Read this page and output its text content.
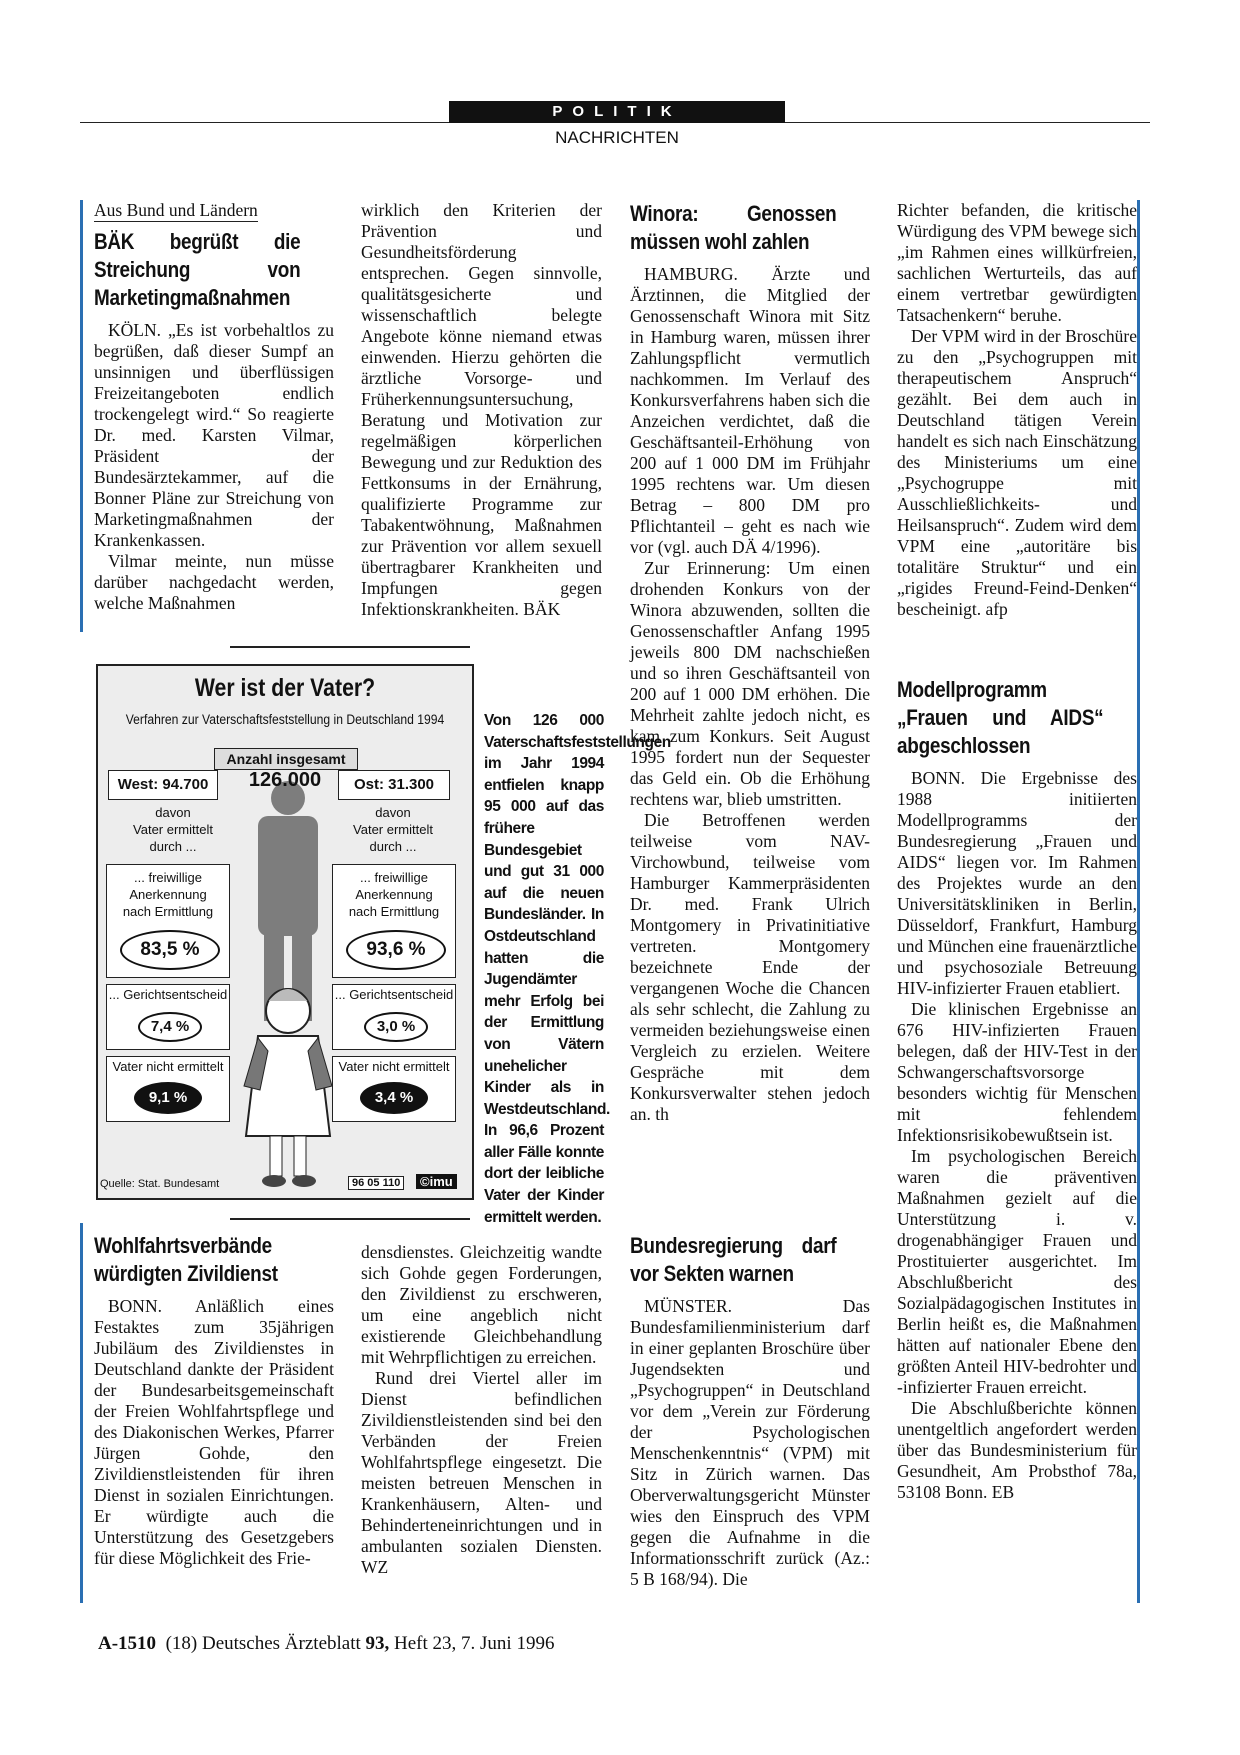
POLITIK
NACHRICHTEN
Aus Bund und Ländern
BÄK begrüßt die Streichung von Marketingmaßnahmen

KÖLN. „Es ist vorbehaltlos zu begrüßen, daß dieser Sumpf an unsinnigen und überflüssigen Freizeitangeboten endlich trockengelegt wird.“ So reagierte Dr. med. Karsten Vilmar, Präsident der Bundesärztekammer, auf die Bonner Pläne zur Streichung von Marketingmaßnahmen der Krankenkassen.

Vilmar meinte, nun müsse darüber nachgedacht werden, welche Maßnahmen

wirklich den Kriterien der Prävention und Gesundheitsförderung entsprechen. Gegen sinnvolle, qualitätsgesicherte und wissenschaftlich belegte Angebote könne niemand etwas einwenden. Hierzu gehörten die ärztliche Vorsorge- und Früherkennungsuntersuchung, Beratung und Motivation zur regelmäßigen körperlichen Bewegung und zur Reduktion des Fettkonsums in der Ernährung, qualifizierte Programme zur Tabakentwöhnung, Maßnahmen zur Prävention vor allem sexuell übertragbarer Krankheiten und Impfungen gegen Infektionskrankheiten. BÄK

Wer ist der Vater?
Verfahren zur Vaterschaftsfeststellung in Deutschland 1994
Anzahl insgesamt
126.000
West: 94.700	Ost: 31.300
davon
Vater ermittelt
durch ...
... freiwillige
Anerkennung
nach Ermittlung
83,5 %
... Gerichtsentscheid
7,4 %
Vater nicht ermittelt
9,1 %
davon
Vater ermittelt
durch ...
... freiwillige
Anerkennung
nach Ermittlung
93,6 %
... Gerichtsentscheid
3,0 %
Vater nicht ermittelt
3,4 %
Quelle: Stat. Bundesamt	96 05 110	©imu
Von 126 000 Vaterschaftsfeststellungen im Jahr 1994 entfielen knapp 95 000 auf das frühere Bundesgebiet und gut 31 000 auf die neuen Bundesländer. In Ostdeutschland hatten die Jugendämter mehr Erfolg bei der Ermittlung von Vätern unehelicher Kinder als in Westdeutschland. In 96,6 Prozent aller Fälle konnte dort der leibliche Vater der Kinder ermittelt werden.
Wohlfahrtsverbände würdigten Zivildienst

BONN. Anläßlich eines Festaktes zum 35jährigen Jubiläum des Zivildienstes in Deutschland dankte der Präsident der Bundesarbeitsgemeinschaft der Freien Wohlfahrtspflege und des Diakonischen Werkes, Pfarrer Jürgen Gohde, den Zivildienstleistenden für ihren Dienst in sozialen Einrichtungen. Er würdigte auch die Unterstützung des Gesetzgebers für diese Möglichkeit des Frie-

densdienstes. Gleichzeitig wandte sich Gohde gegen Forderungen, den Zivildienst zu erschweren, um eine angeblich nicht existierende Gleichbehandlung mit Wehrpflichtigen zu erreichen.

Rund drei Viertel aller im Dienst befindlichen Zivildienstleistenden sind bei den Verbänden der Freien Wohlfahrtspflege eingesetzt. Die meisten betreuen Menschen in Krankenhäusern, Alten- und Behinderteneinrichtungen und in ambulanten sozialen Diensten. WZ

Winora: Genossen müssen wohl zahlen

HAMBURG. Ärzte und Ärztinnen, die Mitglied der Genossenschaft Winora mit Sitz in Hamburg waren, müssen ihrer Zahlungspflicht vermutlich nachkommen. Im Verlauf des Konkursverfahrens haben sich die Anzeichen verdichtet, daß die Geschäftsanteil-Erhöhung von 200 auf 1 000 DM im Frühjahr 1995 rechtens war. Um diesen Betrag – 800 DM pro Pflichtanteil – geht es nach wie vor (vgl. auch DÄ 4/1996).

Zur Erinnerung: Um einen drohenden Konkurs von der Winora abzuwenden, sollten die Genossenschaftler Anfang 1995 jeweils 800 DM nachschießen und so ihren Geschäftsanteil von 200 auf 1 000 DM erhöhen. Die Mehrheit zahlte jedoch nicht, es kam zum Konkurs. Seit August 1995 fordert nun der Sequester das Geld ein. Ob die Erhöhung rechtens war, blieb umstritten.

Die Betroffenen werden teilweise vom NAV-Virchowbund, teilweise vom Hamburger Kammerpräsidenten Dr. med. Frank Ulrich Montgomery in Privatinitiative vertreten. Montgomery bezeichnete Ende der vergangenen Woche die Chancen als sehr schlecht, die Zahlung zu vermeiden beziehungsweise einen Vergleich zu erzielen. Weitere Gespräche mit dem Konkursverwalter stehen jedoch an. th

Bundesregierung darf vor Sekten warnen

MÜNSTER. Das Bundesfamilienministerium darf in einer geplanten Broschüre über Jugendsekten und „Psychogruppen“ in Deutschland vor dem „Verein zur Förderung der Psychologischen Menschenkenntnis“ (VPM) mit Sitz in Zürich warnen. Das Oberverwaltungsgericht Münster wies den Einspruch des VPM gegen die Aufnahme in die Informationsschrift zurück (Az.: 5 B 168/94). Die

Richter befanden, die kritische Würdigung des VPM bewege sich „im Rahmen eines willkürfreien, sachlichen Werturteils, das auf einem vertretbar gewürdigten Tatsachenkern“ beruhe.

Der VPM wird in der Broschüre zu den „Psychogruppen mit therapeutischem Anspruch“ gezählt. Bei dem auch in Deutschland tätigen Verein handelt es sich nach Einschätzung des Ministeriums um eine „Psychogruppe mit Ausschließlichkeits- und Heilsanspruch“. Zudem wird dem VPM eine „autoritäre bis totalitäre Struktur“ und ein „rigides Freund-Feind-Denken“ bescheinigt. afp

Modellprogramm „Frauen und AIDS“ abgeschlossen

BONN. Die Ergebnisse des 1988 initiierten Modellprogramms der Bundesregierung „Frauen und AIDS“ liegen vor. Im Rahmen des Projektes wurde an den Universitätskliniken in Berlin, Düsseldorf, Frankfurt, Hamburg und München eine frauenärztliche und psychosoziale Betreuung HIV-infizierter Frauen etabliert.

Die klinischen Ergebnisse an 676 HIV-infizierten Frauen belegen, daß der HIV-Test in der Schwangerschaftsvorsorge besonders wichtig für Menschen mit fehlendem Infektionsrisikobewußtsein ist.

Im psychologischen Bereich waren die präventiven Maßnahmen gezielt auf die Unterstützung i. v. drogenabhängiger Frauen und Prostituierter ausgerichtet. Im Abschlußbericht des Sozialpädagogischen Institutes in Berlin heißt es, die Maßnahmen hätten auf nationaler Ebene den größten Anteil HIV-bedrohter und -infizierter Frauen erreicht.

Die Abschlußberichte können unentgeltlich angefordert werden über das Bundesministerium für Gesundheit, Am Probsthof 78a, 53108 Bonn. EB

A-1510 (18) Deutsches Ärzteblatt 93, Heft 23, 7. Juni 1996
